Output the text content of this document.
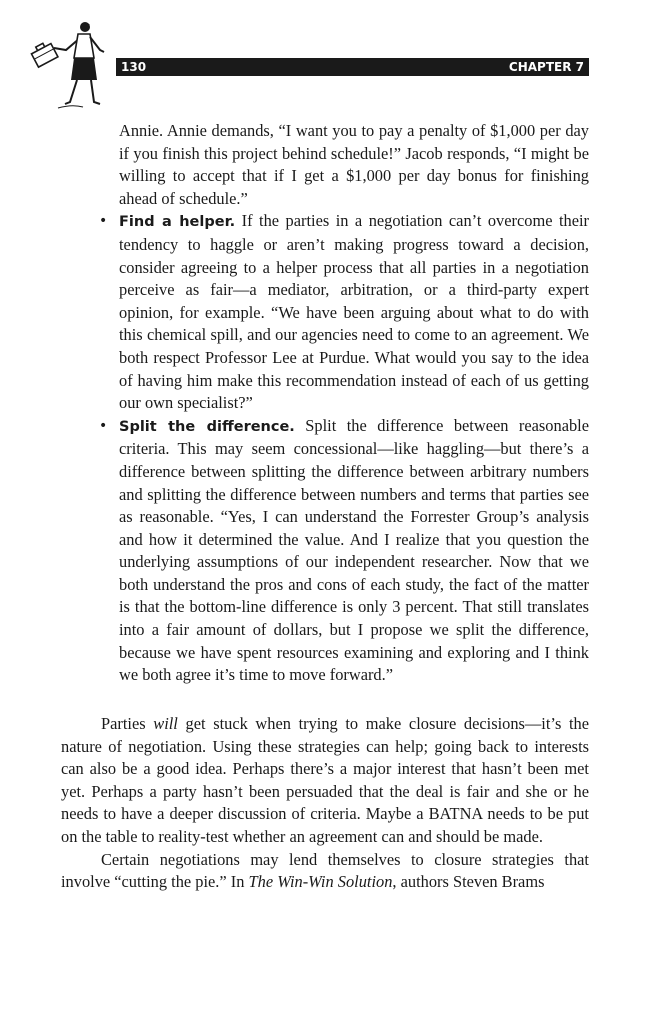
130	CHAPTER 7

Annie. Annie demands, “I want you to pay a penalty of $1,000 per day if you finish this project behind schedule!” Jacob responds, “I might be willing to accept that if I get a $1,000 per day bonus for finishing ahead of schedule.”

• Find a helper. If the parties in a negotiation can’t overcome their tendency to haggle or aren’t making progress toward a decision, consider agreeing to a helper process that all parties in a negotiation perceive as fair—a mediator, arbitration, or a third-party expert opinion, for example. “We have been arguing about what to do with this chemical spill, and our agencies need to come to an agreement. We both respect Professor Lee at Purdue. What would you say to the idea of having him make this recommendation instead of each of us getting our own specialist?”
• Split the difference. Split the difference between reasonable criteria. This may seem concessional—like haggling—but there’s a difference between splitting the difference between arbitrary numbers and splitting the difference between numbers and terms that parties see as reasonable. “Yes, I can understand the Forrester Group’s analysis and how it determined the value. And I realize that you question the underlying assumptions of our independent researcher. Now that we both understand the pros and cons of each study, the fact of the matter is that the bottom-line difference is only 3 percent. That still translates into a fair amount of dollars, but I propose we split the difference, because we have spent resources examining and exploring and I think we both agree it’s time to move forward.”

Parties will get stuck when trying to make closure decisions—it’s the nature of negotiation. Using these strategies can help; going back to interests can also be a good idea. Perhaps there’s a major interest that hasn’t been met yet. Perhaps a party hasn’t been persuaded that the deal is fair and she or he needs to have a deeper discussion of criteria. Maybe a BATNA needs to be put on the table to reality-test whether an agreement can and should be made.

Certain negotiations may lend themselves to closure strategies that involve “cutting the pie.” In The Win-Win Solution, authors Steven Brams
